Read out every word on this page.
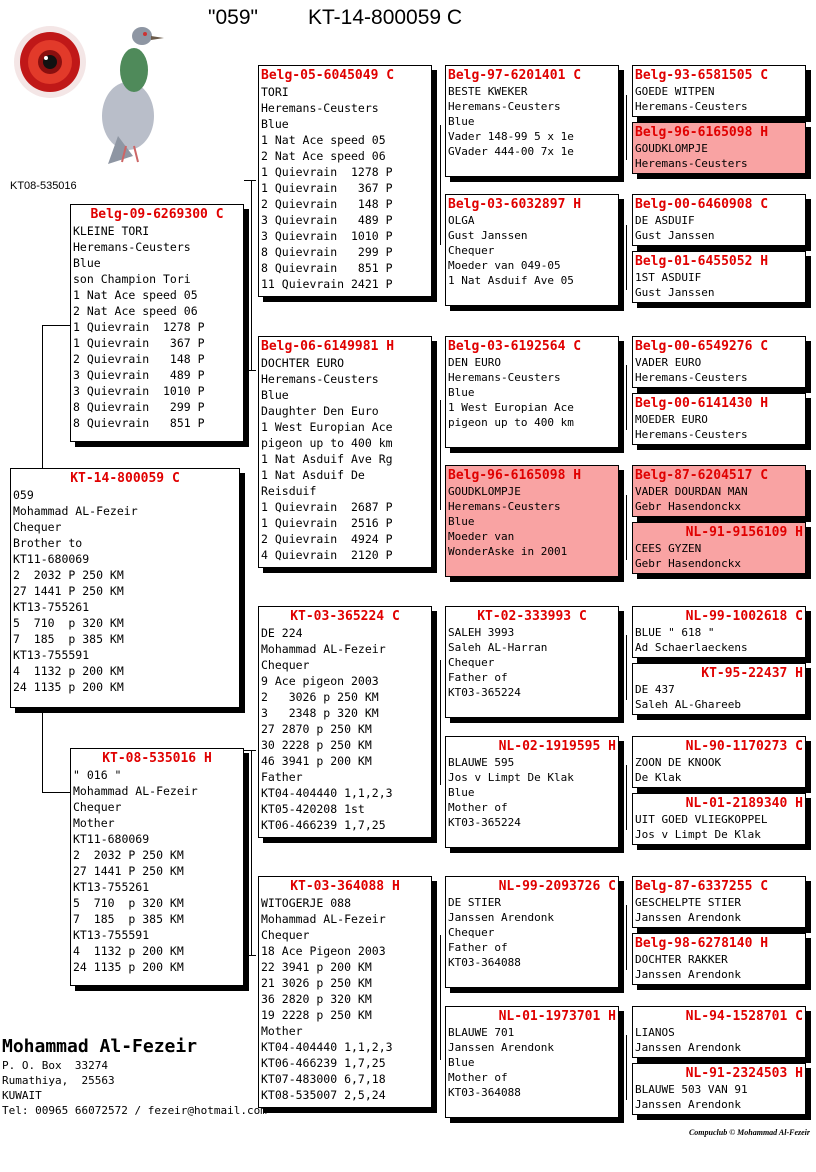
"059" KT-14-800059 C
KT08-535016
KT-14-800059 C
059
Mohammad AL-Fezeir
Chequer
Brother to
KT11-680069
2  2032 P 250 KM
27 1441 P 250 KM
KT13-755261
5  710  p 320 KM
7  185  p 385 KM
KT13-755591
4  1132 p 200 KM
24 1135 p 200 KM
Belg-09-6269300 C
KLEINE TORI
Heremans-Ceusters
Blue
son Champion Tori
1 Nat Ace speed 05
2 Nat Ace speed 06
1 Quievrain  1278 P
1 Quievrain   367 P
2 Quievrain   148 P
3 Quievrain   489 P
3 Quievrain  1010 P
8 Quievrain   299 P
8 Quievrain   851 P
KT-08-535016 H
" 016 "
Mohammad AL-Fezeir
Chequer
Mother
KT11-680069
2  2032 P 250 KM
27 1441 P 250 KM
KT13-755261
5  710  p 320 KM
7  185  p 385 KM
KT13-755591
4  1132 p 200 KM
24 1135 p 200 KM
Belg-05-6045049 C
TORI
Heremans-Ceusters
Blue
1 Nat Ace speed 05
2 Nat Ace speed 06
1 Quievrain  1278 P
1 Quievrain   367 P
2 Quievrain   148 P
3 Quievrain   489 P
3 Quievrain  1010 P
8 Quievrain   299 P
8 Quievrain   851 P
11 Quievrain 2421 P
Belg-06-6149981 H
DOCHTER EURO
Heremans-Ceusters
Blue
Daughter Den Euro
1 West Europian Ace
pigeon up to 400 km
1 Nat Asduif Ave Rg
1 Nat Asduif De
Reisduif
1 Quievrain  2687 P
1 Quievrain  2516 P
2 Quievrain  4924 P
4 Quievrain  2120 P
KT-03-365224 C
DE 224
Mohammad AL-Fezeir
Chequer
9 Ace pigeon 2003
2   3026 p 250 KM
3   2348 p 320 KM
27 2870 p 250 KM
30 2228 p 250 KM
46 3941 p 200 KM
Father
KT04-404440 1,1,2,3
KT05-420208 1st
KT06-466239 1,7,25
KT-03-364088 H
WITOGERJE 088
Mohammad AL-Fezeir
Chequer
18 Ace Pigeon 2003
22 3941 p 200 KM
21 3026 p 250 KM
36 2820 p 320 KM
19 2228 p 250 KM
Mother
KT04-404440 1,1,2,3
KT06-466239 1,7,25
KT07-483000 6,7,18
KT08-535007 2,5,24
Belg-97-6201401 C
BESTE KWEKER
Heremans-Ceusters
Blue
Vader 148-99 5 x 1e
GVader 444-00 7x 1e
Belg-03-6032897 H
OLGA
Gust Janssen
Chequer
Moeder van 049-05
1 Nat Asduif Ave 05
Belg-03-6192564 C
DEN EURO
Heremans-Ceusters
Blue
1 West Europian Ace
pigeon up to 400 km
Belg-96-6165098 H
GOUDKLOMPJE
Heremans-Ceusters
Blue
Moeder van
WonderAske in 2001
KT-02-333993 C
SALEH 3993
Saleh AL-Harran
Chequer
Father of
KT03-365224
NL-02-1919595 H
BLAUWE 595
Jos v Limpt De Klak
Blue
Mother of
KT03-365224
NL-99-2093726 C
DE STIER
Janssen Arendonk
Chequer
Father of
KT03-364088
NL-01-1973701 H
BLAUWE 701
Janssen Arendonk
Blue
Mother of
KT03-364088
Belg-93-6581505 C
GOEDE WITPEN
Heremans-Ceusters
Belg-96-6165098 H
GOUDKLOMPJE
Heremans-Ceusters
Belg-00-6460908 C
DE ASDUIF
Gust Janssen
Belg-01-6455052 H
1ST ASDUIF
Gust Janssen
Belg-00-6549276 C
VADER EURO
Heremans-Ceusters
Belg-00-6141430 H
MOEDER EURO
Heremans-Ceusters
Belg-87-6204517 C
VADER DOURDAN MAN
Gebr Hasendonckx
NL-91-9156109 H
CEES GYZEN
Gebr Hasendonckx
NL-99-1002618 C
BLUE " 618 "
Ad Schaerlaeckens
KT-95-22437 H
DE 437
Saleh AL-Ghareeb
NL-90-1170273 C
ZOON DE KNOOK
De Klak
NL-01-2189340 H
UIT GOED VLIEGKOPPEL
Jos v Limpt De Klak
Belg-87-6337255 C
GESCHELPTE STIER
Janssen Arendonk
Belg-98-6278140 H
DOCHTER RAKKER
Janssen Arendonk
NL-94-1528701 C
LIANOS
Janssen Arendonk
NL-91-2324503 H
BLAUWE 503 VAN 91
Janssen Arendonk
Mohammad Al-Fezeir
P. O. Box  33274
Rumathiya,  25563
KUWAIT
Tel: 00965 66072572 / fezeir@hotmail.com
Compuclub © Mohammad Al-Fezeir
